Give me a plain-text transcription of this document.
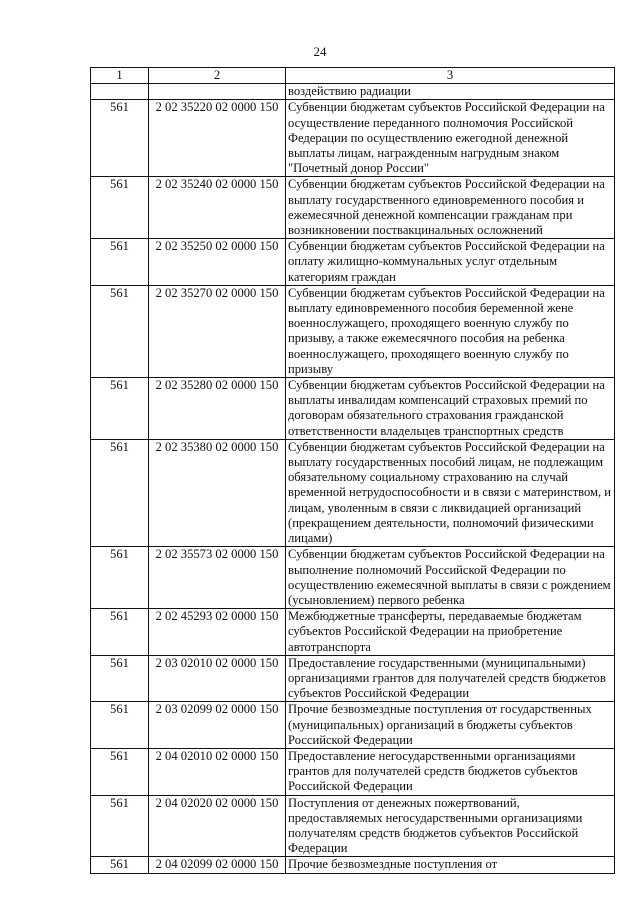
24
1	2	3
		воздействию радиации
561	2 02 35220 02 0000 150	Субвенции бюджетам субъектов Российской Федерации на осуществление переданного полномочия Российской Федерации по осуществлению ежегодной денежной выплаты лицам, награжденным нагрудным знаком "Почетный донор России"
561	2 02 35240 02 0000 150	Субвенции бюджетам субъектов Российской Федерации на выплату государственного единовременного пособия и ежемесячной денежной компенсации гражданам при возникновении поствакцинальных осложнений
561	2 02 35250 02 0000 150	Субвенции бюджетам субъектов Российской Федерации на оплату жилищно-коммунальных услуг отдельным категориям граждан
561	2 02 35270 02 0000 150	Субвенции бюджетам субъектов Российской Федерации на выплату единовременного пособия беременной жене военнослужащего, проходящего военную службу по призыву, а также ежемесячного пособия на ребенка военнослужащего, проходящего военную службу по призыву
561	2 02 35280 02 0000 150	Субвенции бюджетам субъектов Российской Федерации на выплаты инвалидам компенсаций страховых премий по договорам обязательного страхования гражданской ответственности владельцев транспортных средств
561	2 02 35380 02 0000 150	Субвенции бюджетам субъектов Российской Федерации на выплату государственных пособий лицам, не подлежащим обязательному социальному страхованию на случай временной нетрудоспособности и в связи с материнством, и лицам, уволенным в связи с ликвидацией организаций (прекращением деятельности, полномочий физическими лицами)
561	2 02 35573 02 0000 150	Субвенции бюджетам субъектов Российской Федерации на выполнение полномочий Российской Федерации по осуществлению ежемесячной выплаты в связи с рождением (усыновлением) первого ребенка
561	2 02 45293 02 0000 150	Межбюджетные трансферты, передаваемые бюджетам субъектов Российской Федерации на приобретение автотранспорта
561	2 03 02010 02 0000 150	Предоставление государственными (муниципальными) организациями грантов для получателей средств бюджетов субъектов Российской Федерации
561	2 03 02099 02 0000 150	Прочие безвозмездные поступления от государственных (муниципальных) организаций в бюджеты субъектов Российской Федерации
561	2 04 02010 02 0000 150	Предоставление негосударственными организациями грантов для получателей средств бюджетов субъектов Российской Федерации
561	2 04 02020 02 0000 150	Поступления от денежных пожертвований, предоставляемых негосударственными организациями получателям средств бюджетов субъектов Российской Федерации
561	2 04 02099 02 0000 150	Прочие безвозмездные поступления от
